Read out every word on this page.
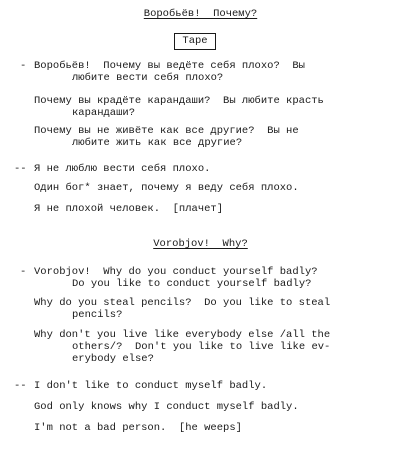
Воробьёв!  Почему?
Tape
- Воробьёв!  Почему вы ведёте себя плохо?  Вы
любите вести себя плохо?
Почему вы крадёте карандаши?  Вы любите красть
карандаши?
Почему вы не живёте как все другие?  Вы не
любите жить как все другие?
-- Я не люблю вести себя плохо.
Один бог* знает, почему я веду себя плохо.
Я не плохой человек.  [плачет]
Vorobjov!  Why?
- Vorobjov!  Why do you conduct yourself badly?
Do you like to conduct yourself badly?
Why do you steal pencils?  Do you like to steal
pencils?
Why don't you live like everybody else /all the
others/?  Don't you like to live like ev-
erybody else?
-- I don't like to conduct myself badly.
God only knows why I conduct myself badly.
I'm not a bad person.  [he weeps]
